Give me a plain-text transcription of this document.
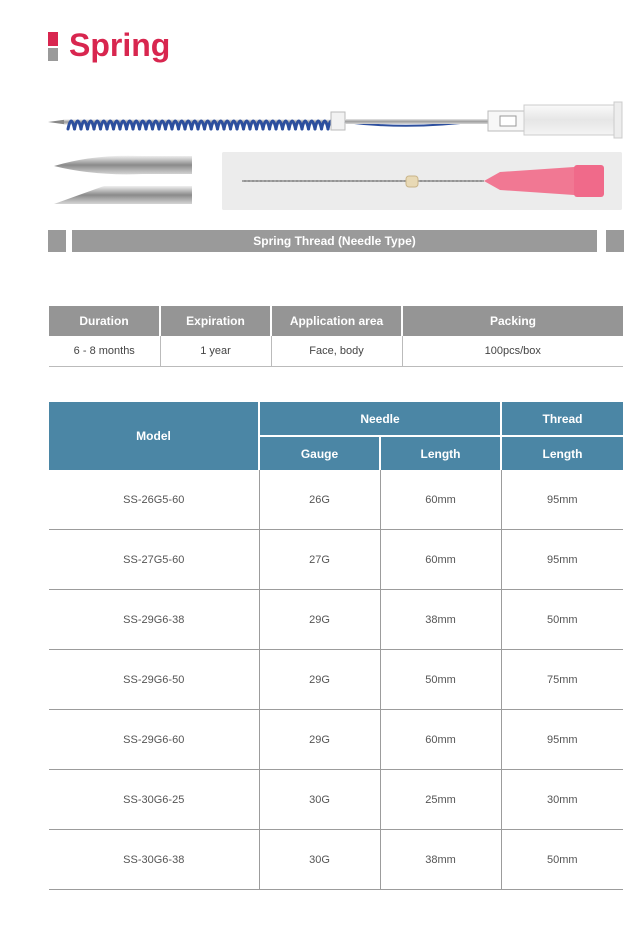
Spring
Spring Thread (Needle Type)
Duration	Expiration	Application area	Packing
6 - 8 months	1 year	Face, body	100pcs/box
Model	Needle		Thread
	Gauge	Length	Length
SS-26G5-60	26G	60mm	95mm
SS-27G5-60	27G	60mm	95mm
SS-29G6-38	29G	38mm	50mm
SS-29G6-50	29G	50mm	75mm
SS-29G6-60	29G	60mm	95mm
SS-30G6-25	30G	25mm	30mm
SS-30G6-38	30G	38mm	50mm
